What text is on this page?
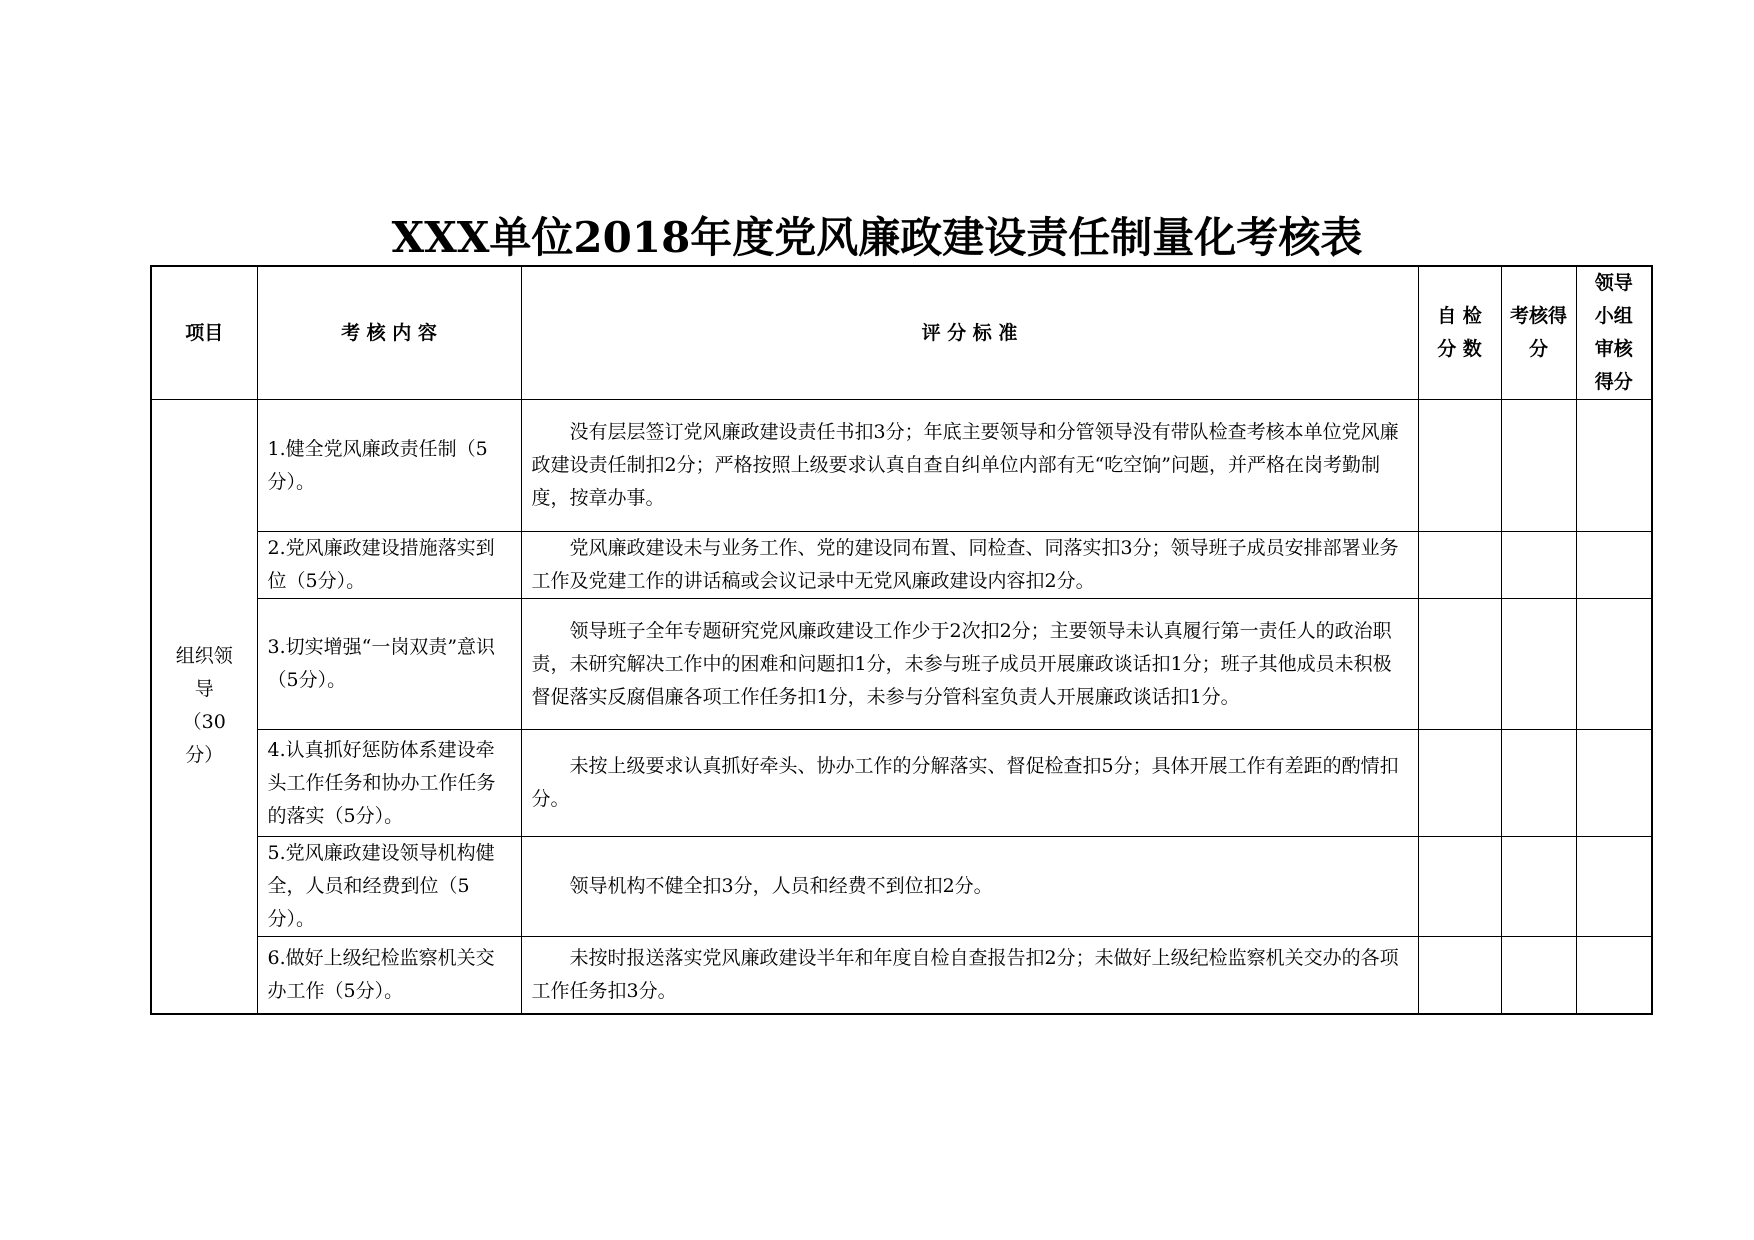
XXX单位2018年度党风廉政建设责任制量化考核表
项目	考 核 内 容	评 分 标 准	自 检 分 数	考核得分	领导小组审核得分
组织领导（30分）	1.健全党风廉政责任制（5分）。	没有层层签订党风廉政建设责任书扣3分；年底主要领导和分管领导没有带队检查考核本单位党风廉政建设责任制扣2分；严格按照上级要求认真自查自纠单位内部有无“吃空饷”问题，并严格在岗考勤制度，按章办事。			
	2.党风廉政建设措施落实到位（5分）。	党风廉政建设未与业务工作、党的建设同布置、同检查、同落实扣3分；领导班子成员安排部署业务工作及党建工作的讲话稿或会议记录中无党风廉政建设内容扣2分。			
	3.切实增强“一岗双责”意识（5分）。	领导班子全年专题研究党风廉政建设工作少于2次扣2分；主要领导未认真履行第一责任人的政治职责，未研究解决工作中的困难和问题扣1分，未参与班子成员开展廉政谈话扣1分；班子其他成员未积极督促落实反腐倡廉各项工作任务扣1分，未参与分管科室负责人开展廉政谈话扣1分。			
	4.认真抓好惩防体系建设牵头工作任务和协办工作任务的落实（5分）。	未按上级要求认真抓好牵头、协办工作的分解落实、督促检查扣5分；具体开展工作有差距的酌情扣分。			
	5.党风廉政建设领导机构健全，人员和经费到位（5分）。	领导机构不健全扣3分，人员和经费不到位扣2分。			
	6.做好上级纪检监察机关交办工作（5分）。	未按时报送落实党风廉政建设半年和年度自检自查报告扣2分；未做好上级纪检监察机关交办的各项工作任务扣3分。			
